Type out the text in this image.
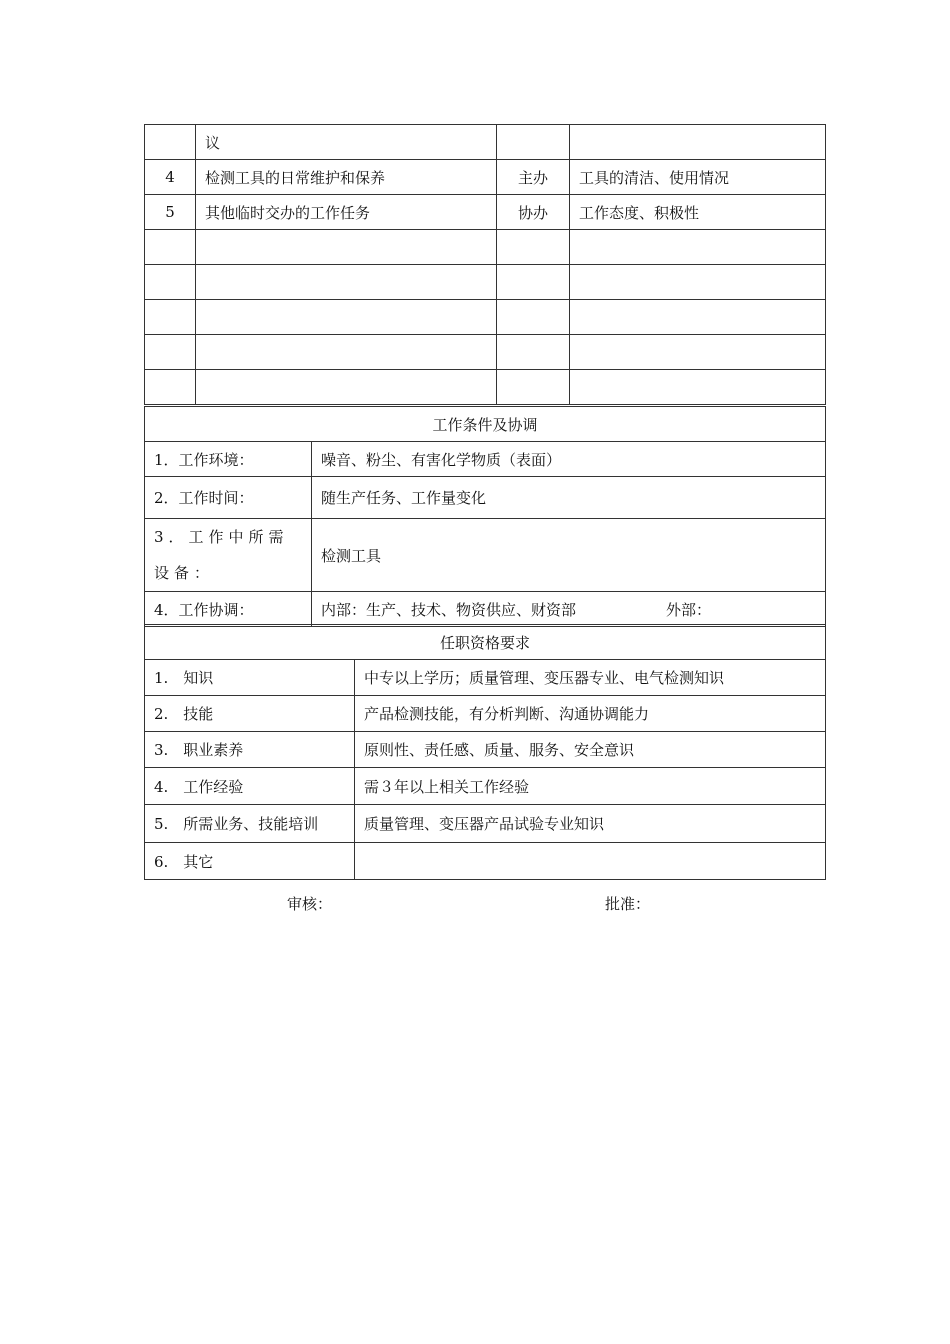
	议		
4	检测工具的日常维护和保养	主办	工具的清洁、使用情况
5	其他临时交办的工作任务	协办	工作态度、积极性

工作条件及协调	
1．工作环境：	噪音、粉尘、有害化学物质（表面）
2．工作时间：	随生产任务、工作量变化
3．工作中所需设备：	检测工具
4．工作协调：	内部：生产、技术、物资供应、财资部 外部：
任职资格要求	
1.　知识	中专以上学历；质量管理、变压器专业、电气检测知识
2.　技能	产品检测技能，有分析判断、沟通协调能力
3.　职业素养	原则性、责任感、质量、服务、安全意识
4.　工作经验	需３年以上相关工作经验
5.　所需业务、技能培训	质量管理、变压器产品试验专业知识
6.　其它	
审核：	批准：
